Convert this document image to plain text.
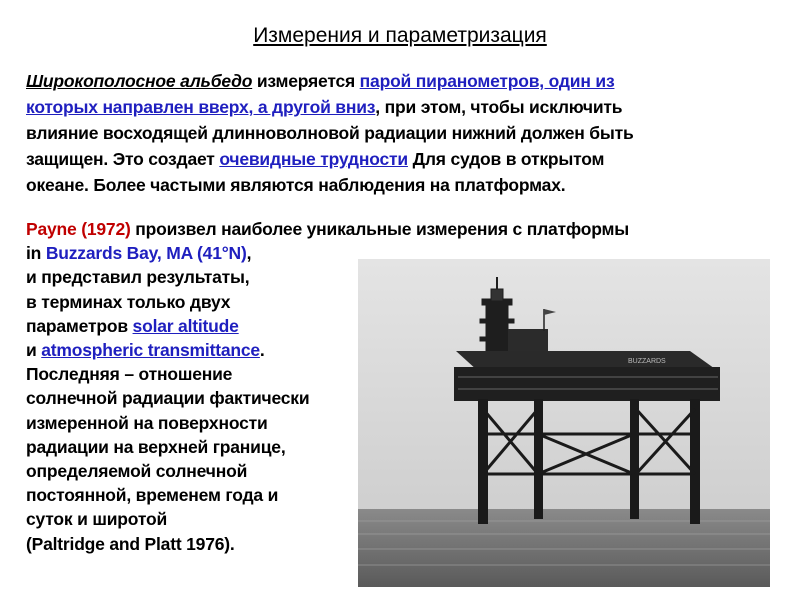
Измерения и параметризация
Широкополосное альбедо измеряется парой пиранометров, один из
которых направлен вверх, а другой вниз, при этом, чтобы исключить
влияние восходящей длинноволновой радиации нижний должен быть
защищен. Это создает очевидные трудности Для судов в открытом
океане. Более частыми являются наблюдения на платформах.
Payne (1972) произвел наиболее уникальные измерения с платформы
in Buzzards Bay, MA (41°N),
и представил результаты,
в терминах только двух
параметров solar altitude
и atmospheric transmittance.
Последняя – отношение
солнечной радиации фактически
измеренной на поверхности
радиации на верхней границе,
определяемой солнечной
постоянной, временем года и
суток и широтой
(Paltridge and Platt 1976).
BUZZARDS
